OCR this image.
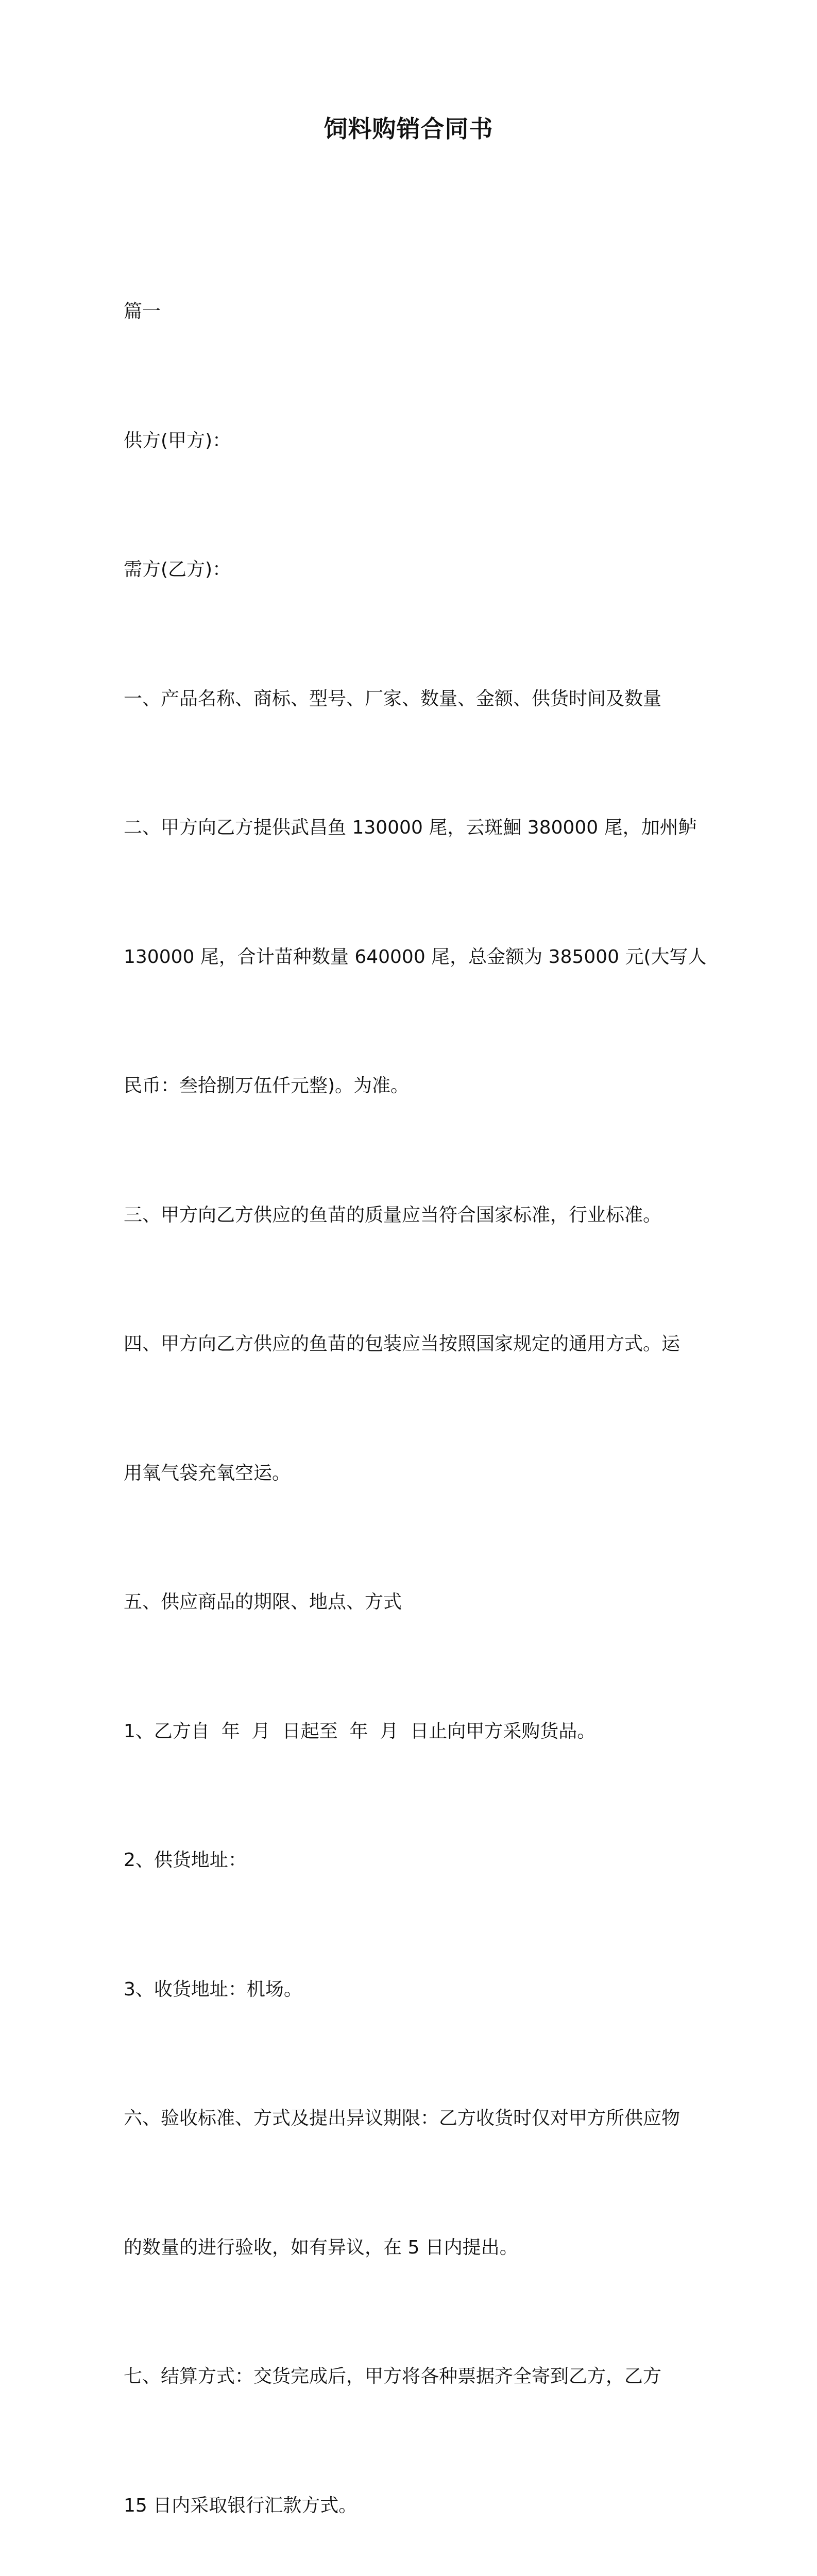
饲料购销合同书

篇一

供方(甲方)：

需方(乙方)：

一、产品名称、商标、型号、厂家、数量、金额、供货时间及数量

二、甲方向乙方提供武昌鱼 130000 尾，云斑鮰 380000 尾，加州鲈

130000 尾，合计苗种数量 640000 尾，总金额为 385000 元(大写人

民币：叁拾捌万伍仟元整)。为准。

三、甲方向乙方供应的鱼苗的质量应当符合国家标准，行业标准。

四、甲方向乙方供应的鱼苗的包装应当按照国家规定的通用方式。运

用氧气袋充氧空运。

五、供应商品的期限、地点、方式

1、乙方自  年  月  日起至  年  月  日止向甲方采购货品。

2、供货地址：

3、收货地址：机场。

六、验收标准、方式及提出异议期限：乙方收货时仅对甲方所供应物

的数量的进行验收，如有异议，在 5 日内提出。

七、结算方式：交货完成后，甲方将各种票据齐全寄到乙方，乙方

15 日内采取银行汇款方式。
